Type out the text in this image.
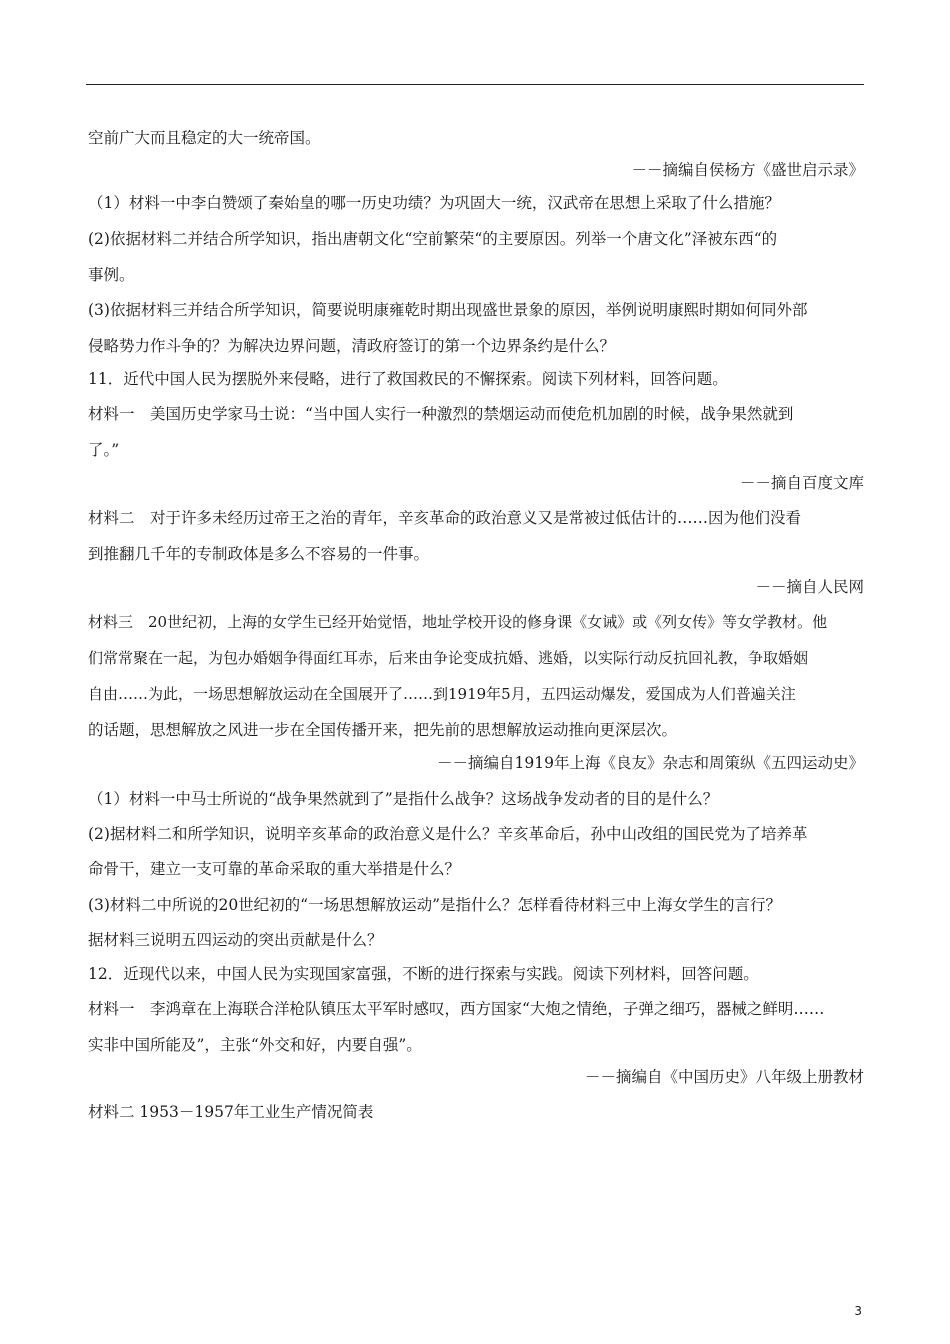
空前广大而且稳定的大一统帝国。
－－摘编自侯杨方《盛世启示录》
（1）材料一中李白赞颂了秦始皇的哪一历史功绩？为巩固大一统，汉武帝在思想上采取了什么措施？
(2)依据材料二并结合所学知识，指出唐朝文化“空前繁荣“的主要原因。列举一个唐文化”泽被东西“的
事例。
(3)依据材料三并结合所学知识，简要说明康雍乾时期出现盛世景象的原因，举例说明康熙时期如何同外部
侵略势力作斗争的？为解决边界问题，清政府签订的第一个边界条约是什么？
11．近代中国人民为摆脱外来侵略，进行了救国救民的不懈探索。阅读下列材料，回答问题。
材料一　美国历史学家马士说：“当中国人实行一种激烈的禁烟运动而使危机加剧的时候，战争果然就到
了。”
－－摘自百度文库
材料二　对于许多未经历过帝王之治的青年，辛亥革命的政治意义又是常被过低估计的……因为他们没看
到推翻几千年的专制政体是多么不容易的一件事。
－－摘自人民网
材料三　20世纪初，上海的女学生已经开始觉悟，地址学校开设的修身课《女诫》或《列女传》等女学教材。他
们常常聚在一起，为包办婚姻争得面红耳赤，后来由争论变成抗婚、逃婚，以实际行动反抗回礼教，争取婚姻
自由……为此，一场思想解放运动在全国展开了……到1919年5月，五四运动爆发，爱国成为人们普遍关注
的话题，思想解放之风进一步在全国传播开来，把先前的思想解放运动推向更深层次。
－－摘编自1919年上海《良友》杂志和周策纵《五四运动史》
（1）材料一中马士所说的“战争果然就到了”是指什么战争？这场战争发动者的目的是什么？
(2)据材料二和所学知识，说明辛亥革命的政治意义是什么？辛亥革命后，孙中山改组的国民党为了培养革
命骨干，建立一支可靠的革命采取的重大举措是什么？
(3)材料二中所说的20世纪初的“一场思想解放运动”是指什么？怎样看待材料三中上海女学生的言行？
据材料三说明五四运动的突出贡献是什么？
12．近现代以来，中国人民为实现国家富强，不断的进行探索与实践。阅读下列材料，回答问题。
材料一　李鸿章在上海联合洋枪队镇压太平军时感叹，西方国家“大炮之情绝，子弹之细巧，器械之鲜明……
实非中国所能及”，主张“外交和好，内要自强”。
－－摘编自《中国历史》八年级上册教材
材料二 1953－1957年工业生产情况简表
3
